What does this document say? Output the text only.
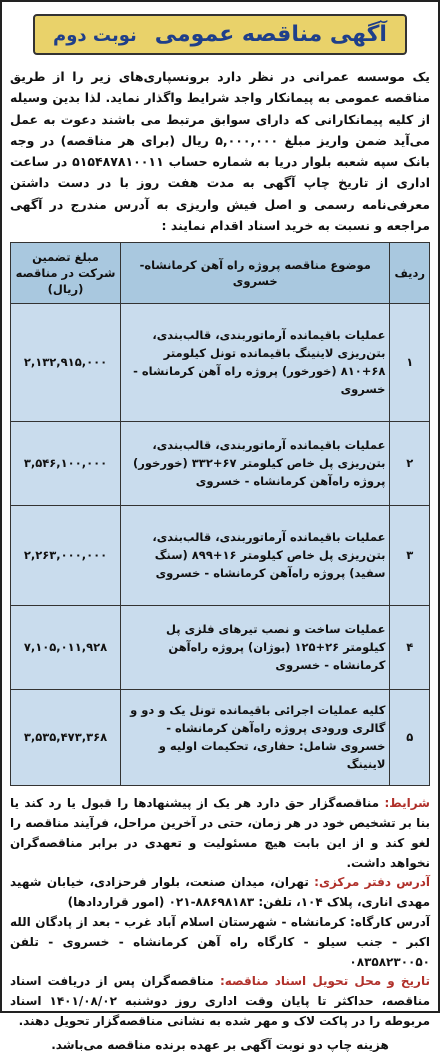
آگهی مناقصه عمومی
نوبت دوم

یک موسسه عمرانی در نظر دارد برونسپاری‌های زیر را از طریق مناقصه عمومی به پیمانکار واجد شرایط واگذار نماید. لذا بدین وسیله از کلیه پیمانکارانی که دارای سوابق مرتبط می باشند دعوت به عمل می‌آید ضمن واریز مبلغ ۵,۰۰۰,۰۰۰ ریال (برای هر مناقصه) در وجه بانک سپه شعبه بلوار دریا به شماره حساب ۵۱۵۴۸۷۸۱۰۰۱۱ در ساعت اداری از تاریخ چاپ آگهی به مدت هفت روز با در دست داشتن معرفی‌نامه رسمی و اصل فیش واریزی به آدرس مندرج در آگهی مراجعه و نسبت به خرید اسناد اقدام نمایند :

ردیف	موضوع مناقصه پروژه راه آهن کرمانشاه- خسروی	مبلغ تضمین شرکت در مناقصه (ریال)
۱	عملیات باقیمانده آرماتوربندی، قالب‌بندی، بتن‌ریزی لاینینگ باقیمانده تونل کیلومتر ۶۸+۸۱۰ (خورخور) پروژه راه آهن کرمانشاه - خسروی	۲,۱۳۲,۹۱۵,۰۰۰
۲	عملیات باقیمانده آرماتوربندی، قالب‌بندی، بتن‌ریزی پل خاص کیلومتر ۶۷+۳۳۲ (خورخور) پروژه راه‌آهن کرمانشاه - خسروی	۳,۵۴۶,۱۰۰,۰۰۰
۳	عملیات باقیمانده آرماتوربندی، قالب‌بندی، بتن‌ریزی پل خاص کیلومتر ۱۶+۸۹۹ (سنگ سفید) پروژه راه‌آهن کرمانشاه - خسروی	۲,۲۶۳,۰۰۰,۰۰۰
۴	عملیات ساخت و نصب تیرهای فلزی پل کیلومتر ۲۶+۱۲۵ (بوژان) پروژه راه‌آهن کرمانشاه - خسروی	۷,۱۰۵,۰۱۱,۹۲۸
۵	کلیه عملیات اجرائی باقیمانده تونل یک و دو و گالری ورودی پروژه راه‌آهن کرمانشاه - خسروی شامل: حفاری، تحکیمات اولیه و لاینینگ	۳,۵۳۵,۴۷۳,۳۶۸

شرایط: مناقصه‌گزار حق دارد هر یک از پیشنهادها را قبول یا رد کند یا بنا بر تشخیص خود در هر زمان، حتی در آخرین مراحل، فرآیند مناقصه را لغو کند و از این بابت هیچ مسئولیت و تعهدی در برابر مناقصه‌گران نخواهد داشت.

آدرس دفتر مرکزی: تهران، میدان صنعت، بلوار فرحزادی، خیابان شهید مهدی اناری، پلاک ۱۰۴، تلفن: ۸۸۶۹۸۱۸۳-۰۲۱ (امور قراردادها)

آدرس کارگاه: کرمانشاه - شهرستان اسلام آباد غرب - بعد از پادگان الله اکبر - جنب سیلو - کارگاه راه آهن کرمانشاه - خسروی - تلفن ۰۸۳۵۸۲۳۰۰۵۰

تاریخ و محل تحویل اسناد مناقصه: مناقصه‌گران پس از دریافت اسناد مناقصه، حداکثر تا پایان وقت اداری روز دوشنبه ۱۴۰۱/۰۸/۰۲ اسناد مربوطه را در پاکت لاک و مهر شده به نشانی مناقصه‌گزار تحویل دهند.

هزینه چاپ دو نوبت آگهی بر عهده برنده مناقصه می‌باشد.
